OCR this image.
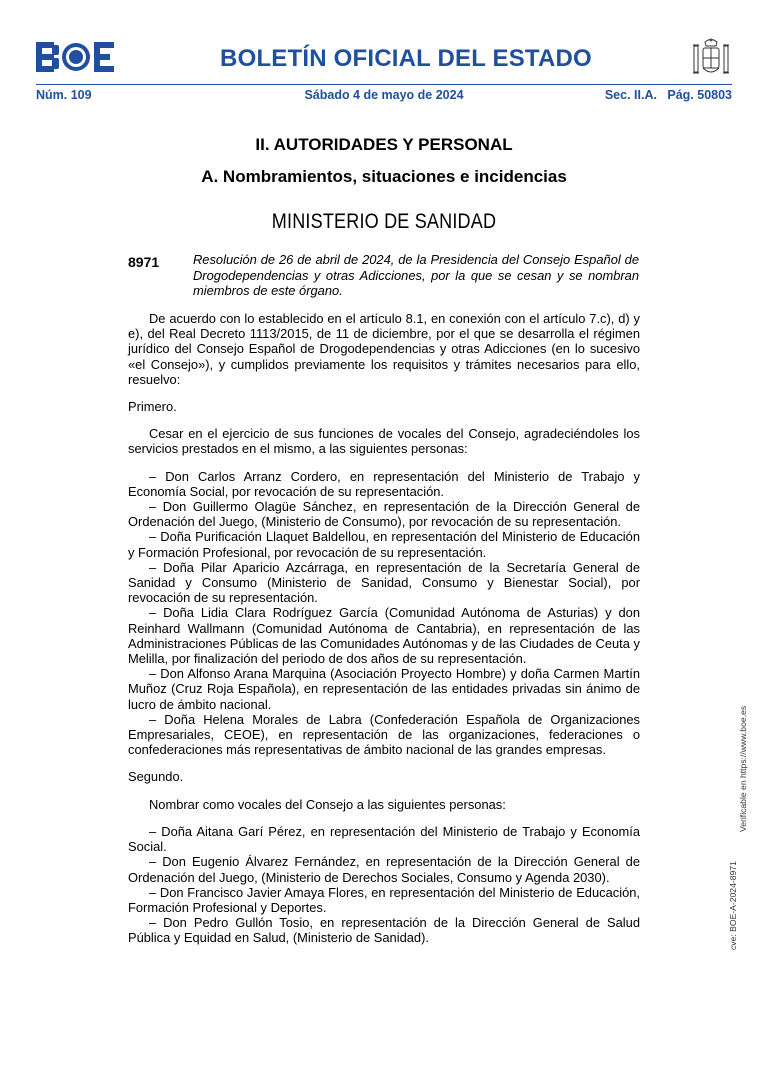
BOLETÍN OFICIAL DEL ESTADO
Núm. 109	Sábado 4 de mayo de 2024	Sec. II.A.   Pág. 50803
II. AUTORIDADES Y PERSONAL
A. Nombramientos, situaciones e incidencias
MINISTERIO DE SANIDAD
8971	Resolución de 26 de abril de 2024, de la Presidencia del Consejo Español de Drogodependencias y otras Adicciones, por la que se cesan y se nombran miembros de este órgano.

De acuerdo con lo establecido en el artículo 8.1, en conexión con el artículo 7.c), d) y e), del Real Decreto 1113/2015, de 11 de diciembre, por el que se desarrolla el régimen jurídico del Consejo Español de Drogodependencias y otras Adicciones (en lo sucesivo «el Consejo»), y cumplidos previamente los requisitos y trámites necesarios para ello, resuelvo:

Primero.

Cesar en el ejercicio de sus funciones de vocales del Consejo, agradeciéndoles los servicios prestados en el mismo, a las siguientes personas:

– Don Carlos Arranz Cordero, en representación del Ministerio de Trabajo y Economía Social, por revocación de su representación.

– Don Guillermo Olagüe Sánchez, en representación de la Dirección General de Ordenación del Juego, (Ministerio de Consumo), por revocación de su representación.

– Doña Purificación Llaquet Baldellou, en representación del Ministerio de Educación y Formación Profesional, por revocación de su representación.

– Doña Pilar Aparicio Azcárraga, en representación de la Secretaría General de Sanidad y Consumo (Ministerio de Sanidad, Consumo y Bienestar Social), por revocación de su representación.

– Doña Lidia Clara Rodríguez García (Comunidad Autónoma de Asturias) y don Reinhard Wallmann (Comunidad Autónoma de Cantabria), en representación de las Administraciones Públicas de las Comunidades Autónomas y de las Ciudades de Ceuta y Melilla, por finalización del periodo de dos años de su representación.

– Don Alfonso Arana Marquina (Asociación Proyecto Hombre) y doña Carmen Martín Muñoz (Cruz Roja Española), en representación de las entidades privadas sin ánimo de lucro de ámbito nacional.

– Doña Helena Morales de Labra (Confederación Española de Organizaciones Empresariales, CEOE), en representación de las organizaciones, federaciones o confederaciones más representativas de ámbito nacional de las grandes empresas.

Segundo.

Nombrar como vocales del Consejo a las siguientes personas:

– Doña Aitana Garí Pérez, en representación del Ministerio de Trabajo y Economía Social.

– Don Eugenio Álvarez Fernández, en representación de la Dirección General de Ordenación del Juego, (Ministerio de Derechos Sociales, Consumo y Agenda 2030).

– Don Francisco Javier Amaya Flores, en representación del Ministerio de Educación, Formación Profesional y Deportes.

– Don Pedro Gullón Tosio, en representación de la Dirección General de Salud Pública y Equidad en Salud, (Ministerio de Sanidad).	cve: BOE-A-2024-8971
Verificable en https://www.boe.es
